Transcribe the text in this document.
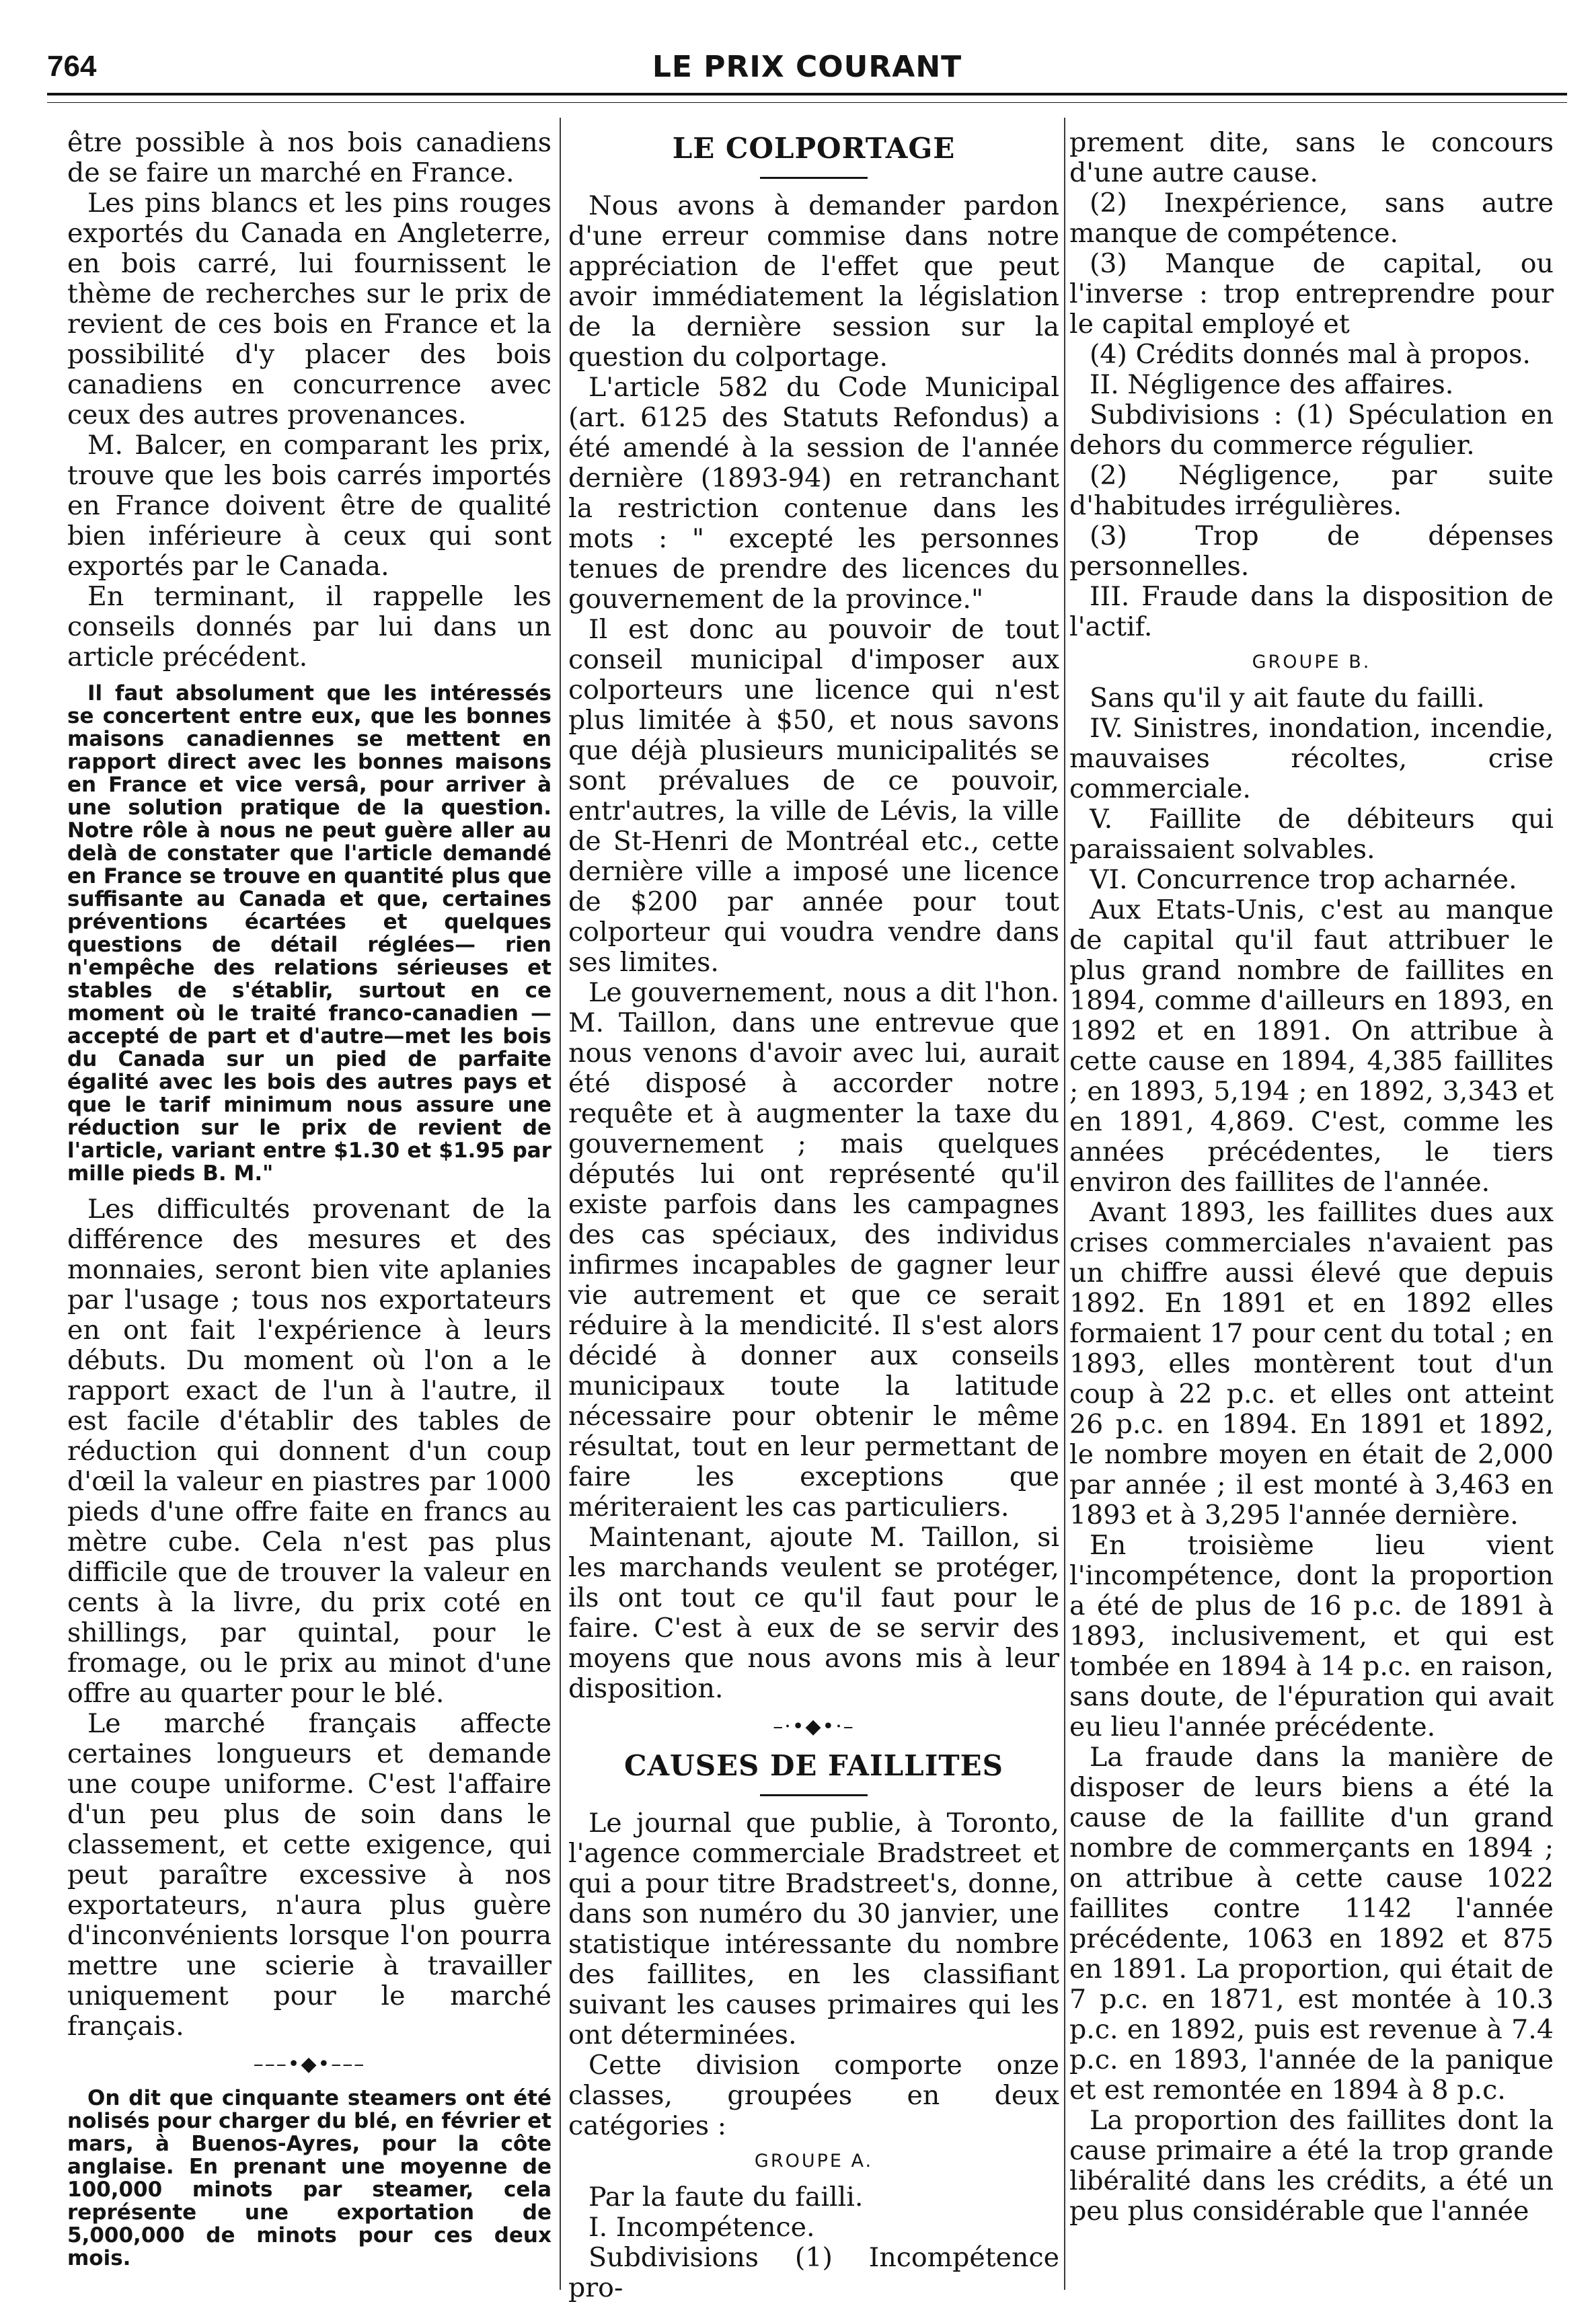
764	LE PRIX COURANT

être possible à nos bois canadiens de se faire un marché en France.

Les pins blancs et les pins rouges exportés du Canada en Angleterre, en bois carré, lui fournissent le thème de recherches sur le prix de revient de ces bois en France et la possibilité d'y placer des bois canadiens en concurrence avec ceux des autres provenances.

M. Balcer, en comparant les prix, trouve que les bois carrés importés en France doivent être de qualité bien inférieure à ceux qui sont exportés par le Canada.

En terminant, il rappelle les conseils donnés par lui dans un article précédent.

Il faut absolument que les intéressés se concertent entre eux, que les bonnes maisons canadiennes se mettent en rapport direct avec les bonnes maisons en France et vice versâ, pour arriver à une solution pratique de la question. Notre rôle à nous ne peut guère aller au delà de constater que l'article demandé en France se trouve en quantité plus que suffisante au Canada et que, certaines préventions écartées et quelques questions de détail réglées— rien n'empêche des relations sérieuses et stables de s'établir, surtout en ce moment où le traité franco-canadien — accepté de part et d'autre—met les bois du Canada sur un pied de parfaite égalité avec les bois des autres pays et que le tarif minimum nous assure une réduction sur le prix de revient de l'article, variant entre $1.30 et $1.95 par mille pieds B. M."

Les difficultés provenant de la différence des mesures et des monnaies, seront bien vite aplanies par l'usage ; tous nos exportateurs en ont fait l'expérience à leurs débuts. Du moment où l'on a le rapport exact de l'un à l'autre, il est facile d'établir des tables de réduction qui donnent d'un coup d'œil la valeur en piastres par 1000 pieds d'une offre faite en francs au mètre cube. Cela n'est pas plus difficile que de trouver la valeur en cents à la livre, du prix coté en shillings, par quintal, pour le fromage, ou le prix au minot d'une offre au quarter pour le blé.

Le marché français affecte certaines longueurs et demande une coupe uniforme. C'est l'affaire d'un peu plus de soin dans le classement, et cette exigence, qui peut paraître excessive à nos exportateurs, n'aura plus guère d'inconvénients lorsque l'on pourra mettre une scierie à travailler uniquement pour le marché français.

–––•◆•–––

On dit que cinquante steamers ont été nolisés pour charger du blé, en février et mars, à Buenos-Ayres, pour la côte anglaise. En prenant une moyenne de 100,000 minots par steamer, cela représente une exportation de 5,000,000 de minots pour ces deux mois.

LE COLPORTAGE

Nous avons à demander pardon d'une erreur commise dans notre appréciation de l'effet que peut avoir immédiatement la législation de la dernière session sur la question du colportage.

L'article 582 du Code Municipal (art. 6125 des Statuts Refondus) a été amendé à la session de l'année dernière (1893-94) en retranchant la restriction contenue dans les mots : " excepté les personnes tenues de prendre des licences du gouvernement de la province."

Il est donc au pouvoir de tout conseil municipal d'imposer aux colporteurs une licence qui n'est plus limitée à $50, et nous savons que déjà plusieurs municipalités se sont prévalues de ce pouvoir, entr'autres, la ville de Lévis, la ville de St-Henri de Montréal etc., cette dernière ville a imposé une licence de $200 par année pour tout colporteur qui voudra vendre dans ses limites.

Le gouvernement, nous a dit l'hon. M. Taillon, dans une entrevue que nous venons d'avoir avec lui, aurait été disposé à accorder notre requête et à augmenter la taxe du gouvernement ; mais quelques députés lui ont représenté qu'il existe parfois dans les campagnes des cas spéciaux, des individus infirmes incapables de gagner leur vie autrement et que ce serait réduire à la mendicité. Il s'est alors décidé à donner aux conseils municipaux toute la latitude nécessaire pour obtenir le même résultat, tout en leur permettant de faire les exceptions que mériteraient les cas particuliers.

Maintenant, ajoute M. Taillon, si les marchands veulent se protéger, ils ont tout ce qu'il faut pour le faire. C'est à eux de se servir des moyens que nous avons mis à leur disposition.

–·•◆•·–
CAUSES DE FAILLITES

Le journal que publie, à Toronto, l'agence commerciale Bradstreet et qui a pour titre Bradstreet's, donne, dans son numéro du 30 janvier, une statistique intéressante du nombre des faillites, en les classifiant suivant les causes primaires qui les ont déterminées.

Cette division comporte onze classes, groupées en deux catégories :

GROUPE A.

Par la faute du failli.

I. Incompétence.

Subdivisions (1) Incompétence pro-

prement dite, sans le concours d'une autre cause.

(2) Inexpérience, sans autre manque de compétence.

(3) Manque de capital, ou l'inverse : trop entreprendre pour le capital employé et

(4) Crédits donnés mal à propos.

II. Négligence des affaires.

Subdivisions : (1) Spéculation en dehors du commerce régulier.

(2) Négligence, par suite d'habitudes irrégulières.

(3) Trop de dépenses personnelles.

III. Fraude dans la disposition de l'actif.

GROUPE B.

Sans qu'il y ait faute du failli.

IV. Sinistres, inondation, incendie, mauvaises récoltes, crise commerciale.

V. Faillite de débiteurs qui paraissaient solvables.

VI. Concurrence trop acharnée.

Aux Etats-Unis, c'est au manque de capital qu'il faut attribuer le plus grand nombre de faillites en 1894, comme d'ailleurs en 1893, en 1892 et en 1891. On attribue à cette cause en 1894, 4,385 faillites ; en 1893, 5,194 ; en 1892, 3,343 et en 1891, 4,869. C'est, comme les années précédentes, le tiers environ des faillites de l'année.

Avant 1893, les faillites dues aux crises commerciales n'avaient pas un chiffre aussi élevé que depuis 1892. En 1891 et en 1892 elles formaient 17 pour cent du total ; en 1893, elles montèrent tout d'un coup à 22 p.c. et elles ont atteint 26 p.c. en 1894. En 1891 et 1892, le nombre moyen en était de 2,000 par année ; il est monté à 3,463 en 1893 et à 3,295 l'année dernière.

En troisième lieu vient l'incompétence, dont la proportion a été de plus de 16 p.c. de 1891 à 1893, inclusivement, et qui est tombée en 1894 à 14 p.c. en raison, sans doute, de l'épuration qui avait eu lieu l'année précédente.

La fraude dans la manière de disposer de leurs biens a été la cause de la faillite d'un grand nombre de commerçants en 1894 ; on attribue à cette cause 1022 faillites contre 1142 l'année précédente, 1063 en 1892 et 875 en 1891. La proportion, qui était de 7 p.c. en 1871, est montée à 10.3 p.c. en 1892, puis est revenue à 7.4 p.c. en 1893, l'année de la panique et est remontée en 1894 à 8 p.c.

La proportion des faillites dont la cause primaire a été la trop grande libéralité dans les crédits, a été un peu plus considérable que l'année
